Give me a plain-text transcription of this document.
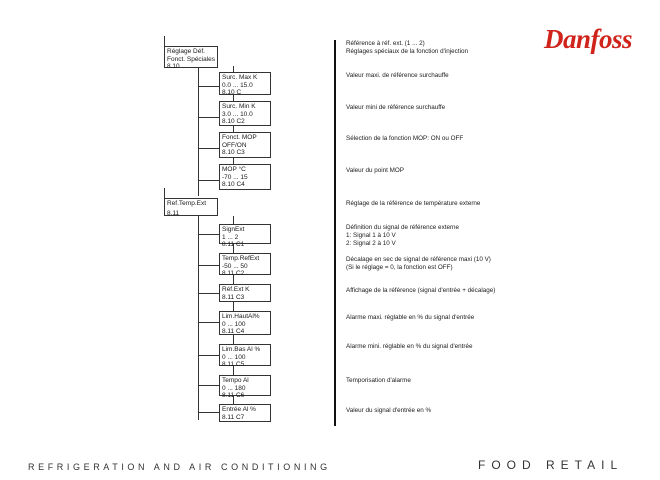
Danfoss
Réglage Déf.
Fonct. Spéciales
8.10
Surc. Max K
0.0 ... 15.0
8.10 C
Surc. Min K
3.0 ... 10.0
8.10 C2
Fonct. MOP
OFF/ON
8.10 C3
MOP °C
-70 ... 15
8.10 C4
Ref.Temp.Ext
8.11
SignExt
1 ... 2
8.11 C1
Temp.RefExt
-50 ... 50
8.11 C2
Réf.Ext K
8.11 C3
Lim.HautAl%
0 ... 100
8.11 C4
Lim.Bas Al %
0 ... 100
8.11 C5
Tempo Al
0 ... 180
8.11 C6
Entrée Al %
8.11 C7
Référence à réf. ext. (1 ... 2)
Réglages spéciaux de la fonction d'injection
Valeur maxi. de référence surchauffe
Valeur mini de référence surchauffe
Sélection de la fonction MOP: ON ou OFF
Valeur du point MOP
Réglage de la référence de température externe
Définition du signal de référence externe
1: Signal 1 à 10 V
2: Signal 2 à 10 V
Décalage en sec de signal de référence maxi (10 V)
(Si le réglage = 0, la fonction est OFF)
Affichage de la référence (signal d'entrée + décalage)
Alarme maxi. réglable en % du signal d'entrée
Alarme mini. réglable en % du signal d'entrée
Temporisation d'alarme
Valeur du signal d'entrée en %
REFRIGERATION AND AIR CONDITIONING	FOOD RETAIL
